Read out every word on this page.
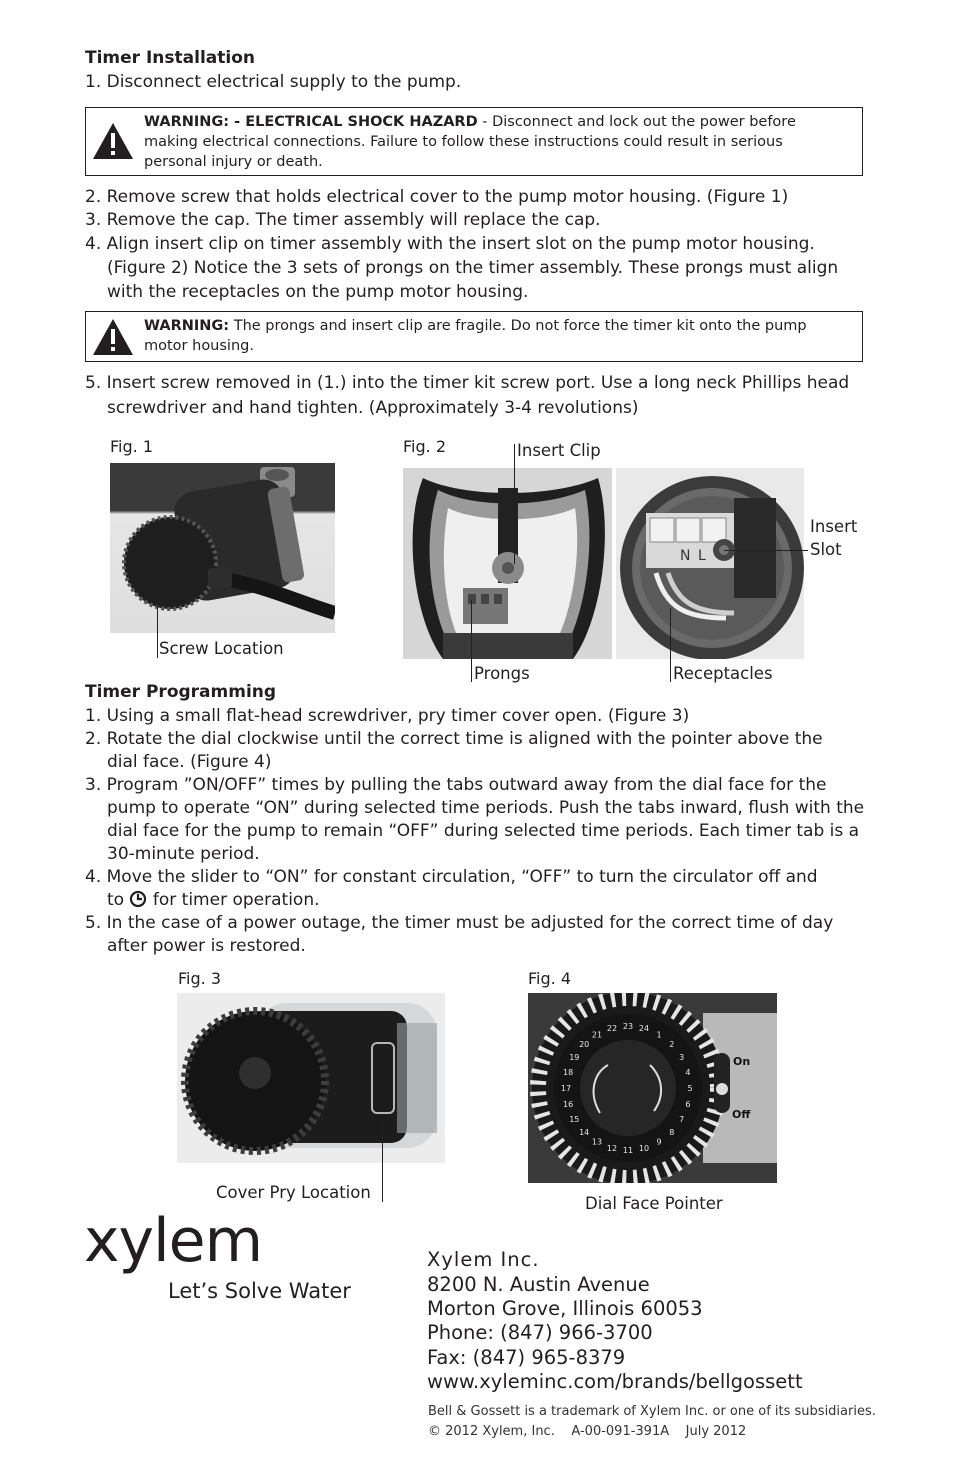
Timer Installation
1. Disconnect electrical supply to the pump.
WARNING: - ELECTRICAL SHOCK HAZARD - Disconnect and lock out the power before
making electrical connections. Failure to follow these instructions could result in serious
personal injury or death.
2. Remove screw that holds electrical cover to the pump motor housing. (Figure 1)
3. Remove the cap. The timer assembly will replace the cap.
4. Align insert clip on timer assembly with the insert slot on the pump motor housing.
(Figure 2) Notice the 3 sets of prongs on the timer assembly. These prongs must align
with the receptacles on the pump motor housing.
WARNING: The prongs and insert clip are fragile. Do not force the timer kit onto the pump
motor housing.
5. Insert screw removed in (1.) into the timer kit screw port. Use a long neck Phillips head
screwdriver and hand tighten. (Approximately 3-4 revolutions)
Fig. 1
Screw Location
Fig. 2
N L
Insert Clip
Insert
Slot
Prongs	Receptacles
Timer Programming
1. Using a small flat-head screwdriver, pry timer cover open. (Figure 3)
2. Rotate the dial clockwise until the correct time is aligned with the pointer above the
dial face. (Figure 4)
3. Program ”ON/OFF” times by pulling the tabs outward away from the dial face for the
pump to operate “ON” during selected time periods. Push the tabs inward, flush with the
dial face for the pump to remain “OFF” during selected time periods. Each timer tab is a
30-minute period.
4. Move the slider to “ON” for constant circulation, “OFF” to turn the circulator off and
to for timer operation.
5. In the case of a power outage, the timer must be adjusted for the correct time of day
after power is restored.
Fig. 3
Cover Pry Location
Fig. 4
1
2
3
4
5
6
7
8
9
10
11
12
13
14
15
16
17
18
19
20
21
22 23 24
On
Off
Dial Face Pointer
xylem
Let’s Solve Water
Xylem Inc.
8200 N. Austin Avenue
Morton Grove, Illinois 60053
Phone: (847) 966-3700
Fax: (847) 965-8379
www.xyleminc.com/brands/bellgossett
Bell & Gossett is a trademark of Xylem Inc. or one of its subsidiaries.
© 2012 Xylem, Inc.    A-00-091-391A    July 2012
